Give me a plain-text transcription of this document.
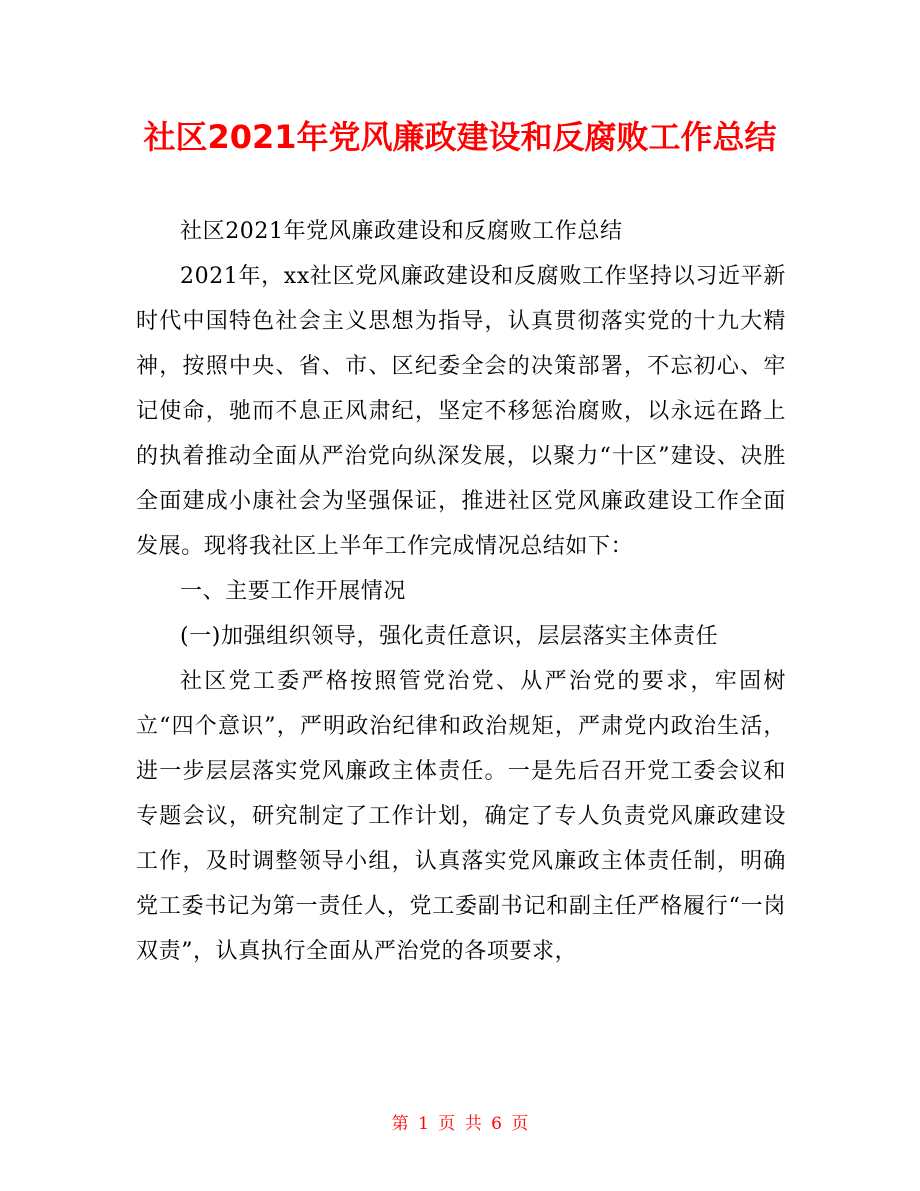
社区2021年党风廉政建设和反腐败工作总结

社区2021年党风廉政建设和反腐败工作总结

2021年，xx社区党风廉政建设和反腐败工作坚持以习近平新时代中国特色社会主义思想为指导，认真贯彻落实党的十九大精神，按照中央、省、市、区纪委全会的决策部署，不忘初心、牢记使命，驰而不息正风肃纪，坚定不移惩治腐败，以永远在路上的执着推动全面从严治党向纵深发展，以聚力“十区”建设、决胜全面建成小康社会为坚强保证，推进社区党风廉政建设工作全面发展。现将我社区上半年工作完成情况总结如下：

一、主要工作开展情况

(一)加强组织领导，强化责任意识，层层落实主体责任

社区党工委严格按照管党治党、从严治党的要求，牢固树立“四个意识”，严明政治纪律和政治规矩，严肃党内政治生活，进一步层层落实党风廉政主体责任。一是先后召开党工委会议和专题会议，研究制定了工作计划，确定了专人负责党风廉政建设工作，及时调整领导小组，认真落实党风廉政主体责任制，明确党工委书记为第一责任人，党工委副书记和副主任严格履行“一岗双责”，认真执行全面从严治党的各项要求，

第 1 页 共 6 页
